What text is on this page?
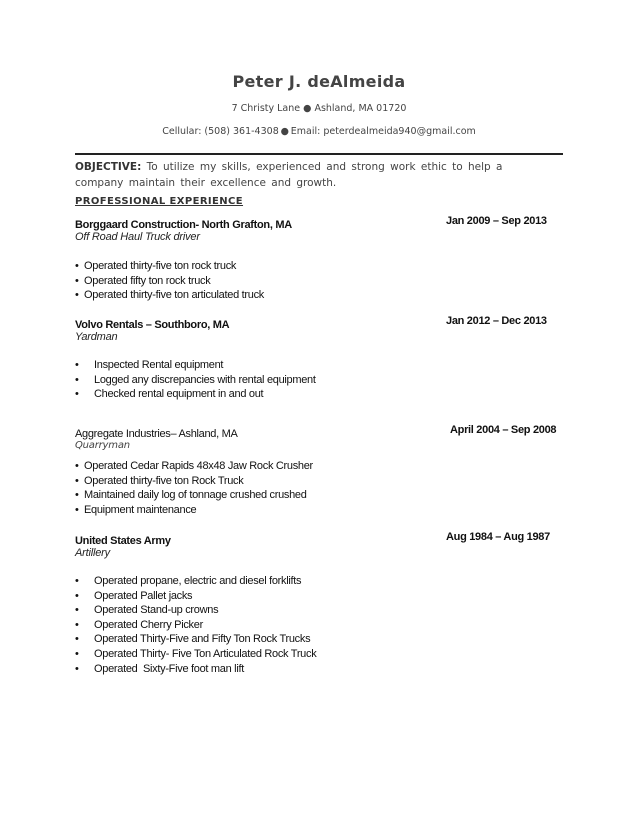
Peter J. deAlmeida
7 Christy Lane ● Ashland, MA 01720
Cellular: (508) 361-4308 ● Email: peterdealmeida940@gmail.com
OBJECTIVE: To utilize my skills, experienced and strong work ethic to help a company maintain their excellence and growth.
PROFESSIONAL EXPERIENCE
Borggaard Construction- North Grafton, MA	Jan 2009 – Sep 2013
Off Road Haul Truck driver
• Operated thirty-five ton rock truck
• Operated fifty ton rock truck
• Operated thirty-five ton articulated truck
Volvo Rentals – Southboro, MA	Jan 2012 – Dec 2013
Yardman
• Inspected Rental equipment
• Logged any discrepancies with rental equipment
• Checked rental equipment in and out
Aggregate Industries– Ashland, MA	April 2004 – Sep 2008
Quarryman
• Operated Cedar Rapids 48x48 Jaw Rock Crusher
• Operated thirty-five ton Rock Truck
• Maintained daily log of tonnage crushed crushed
• Equipment maintenance
United States Army	Aug 1984 – Aug 1987
Artillery
• Operated propane, electric and diesel forklifts
• Operated Pallet jacks
• Operated Stand-up crowns
• Operated Cherry Picker
• Operated Thirty-Five and Fifty Ton Rock Trucks
• Operated Thirty- Five Ton Articulated Rock Truck
• Operated  Sixty-Five foot man lift
